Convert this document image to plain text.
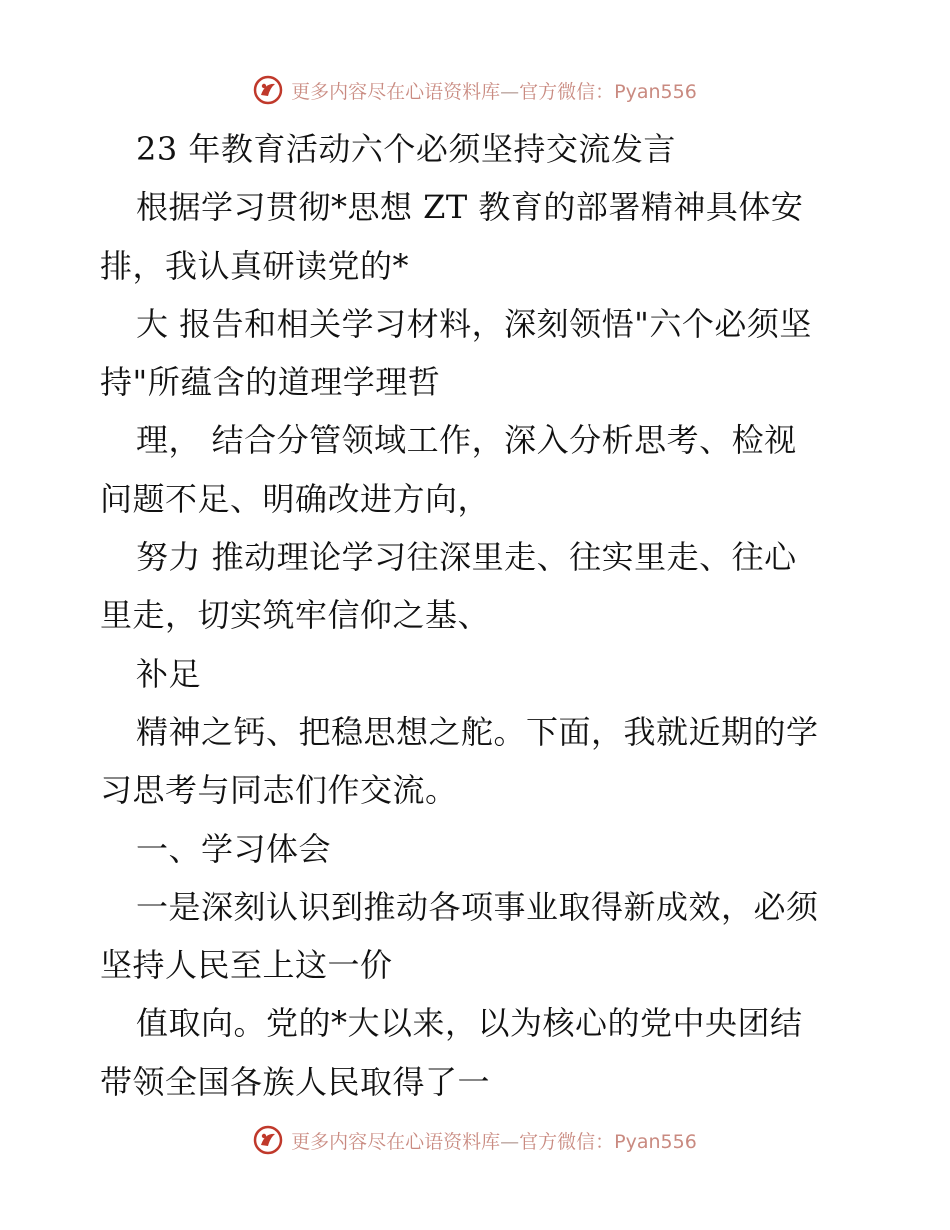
更多内容尽在心语资料库—官方微信：Pyan556
23 年教育活动六个必须坚持交流发言
根据学习贯彻*思想 ZT 教育的部署精神具体安
排，我认真研读党的*
大 报告和相关学习材料，深刻领悟"六个必须坚
持"所蕴含的道理学理哲
理， 结合分管领域工作，深入分析思考、检视
问题不足、明确改进方向，
努力 推动理论学习往深里走、往实里走、往心
里走，切实筑牢信仰之基、
补足
精神之钙、把稳思想之舵。下面，我就近期的学
习思考与同志们作交流。
一、学习体会
一是深刻认识到推动各项事业取得新成效，必须
坚持人民至上这一价
值取向。党的*大以来，以为核心的党中央团结
带领全国各族人民取得了一
更多内容尽在心语资料库—官方微信：Pyan556
